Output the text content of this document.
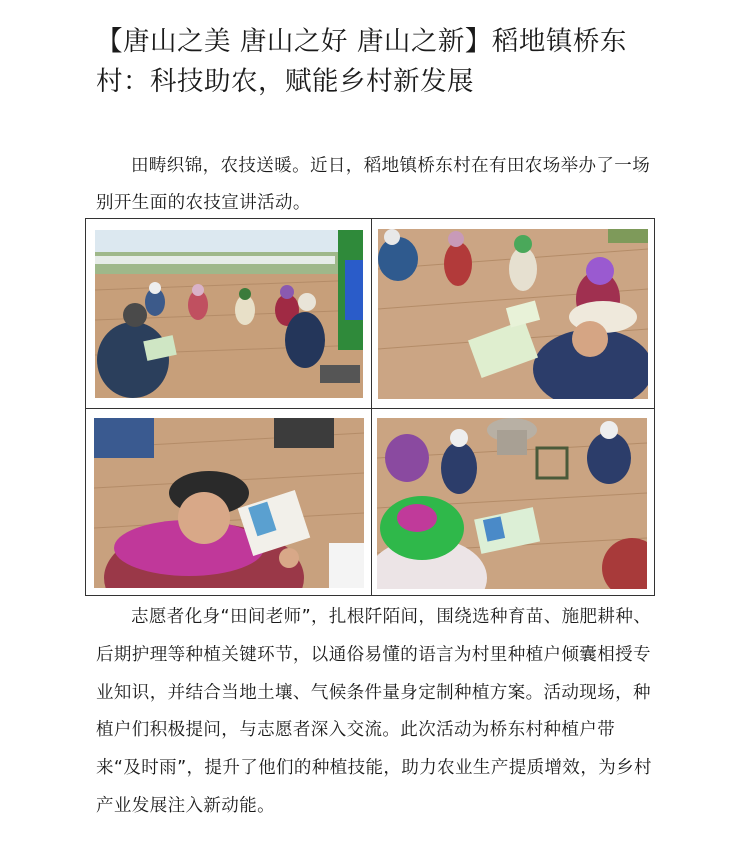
【唐山之美 唐山之好 唐山之新】稻地镇桥东村：科技助农，赋能乡村新发展

田畴织锦，农技送暖。近日，稻地镇桥东村在有田农场举办了一场别开生面的农技宣讲活动。

志愿者化身“田间老师”，扎根阡陌间，围绕选种育苗、施肥耕种、后期护理等种植关键环节，以通俗易懂的语言为村里种植户倾囊相授专业知识，并结合当地土壤、气候条件量身定制种植方案。活动现场，种植户们积极提问，与志愿者深入交流。此次活动为桥东村种植户带来“及时雨”，提升了他们的种植技能，助力农业生产提质增效，为乡村产业发展注入新动能。
